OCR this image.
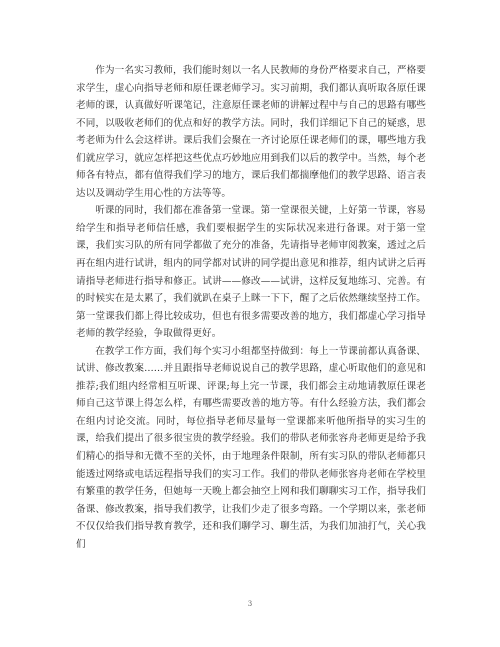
作为一名实习教师，我们能时刻以一名人民教师的身份严格要求自己，严格要求学生，虚心向指导老师和原任课老师学习。实习前期，我们都认真听取各原任课老师的课，认真做好听课笔记，注意原任课老师的讲解过程中与自己的思路有哪些不同，以吸收老师们的优点和好的教学方法。同时，我们详细记下自己的疑惑，思考老师为什么会这样讲。课后我们会聚在一齐讨论原任课老师们的课，哪些地方我们就应学习，就应怎样把这些优点巧妙地应用到我们以后的教学中。当然，每个老师各有特点，都有值得我们学习的地方，课后我们都揣摩他们的教学思路、语言表达以及调动学生用心性的方法等等。

听课的同时，我们都在准备第一堂课。第一堂课很关键，上好第一节课，容易给学生和指导老师信任感，我们要根据学生的实际状况来进行备课。对于第一堂课，我们实习队的所有同学都做了充分的准备，先请指导老师审阅教案，透过之后再在组内进行试讲，组内的同学都对试讲的同学提出意见和推荐，组内试讲之后再请指导老师进行指导和修正。试讲——修改——试讲，这样反复地练习、完善。有的时候实在是太累了，我们就趴在桌子上眯一下下，醒了之后依然继续坚持工作。第一堂课我们都上得比较成功，但也有很多需要改善的地方，我们都虚心学习指导老师的教学经验，争取做得更好。

在教学工作方面，我们每个实习小组都坚持做到：每上一节课前都认真备课、试讲、修改教案……并且跟指导老师说说自己的教学思路，虚心听取他们的意见和推荐;我们组内经常相互听课、评课;每上完一节课，我们都会主动地请教原任课老师自己这节课上得怎么样，有哪些需要改善的地方等。有什么经验方法，我们都会在组内讨论交流。同时，每位指导老师尽量每一堂课都来听他所指导的实习生的课，给我们提出了很多很宝贵的教学经验。我们的带队老师张容舟老师更是给予我们精心的指导和无微不至的关怀，由于地理条件限制，所有实习队的带队老师都只能透过网络或电话远程指导我们的实习工作。我们的带队老师张容舟老师在学校里有繁重的教学任务，但她每一天晚上都会抽空上网和我们聊聊实习工作，指导我们备课、修改教案，指导我们教学，让我们少走了很多弯路。一个学期以来，张老师不仅仅给我们指导教育教学，还和我们聊学习、聊生活，为我们加油打气，关心我们

3
